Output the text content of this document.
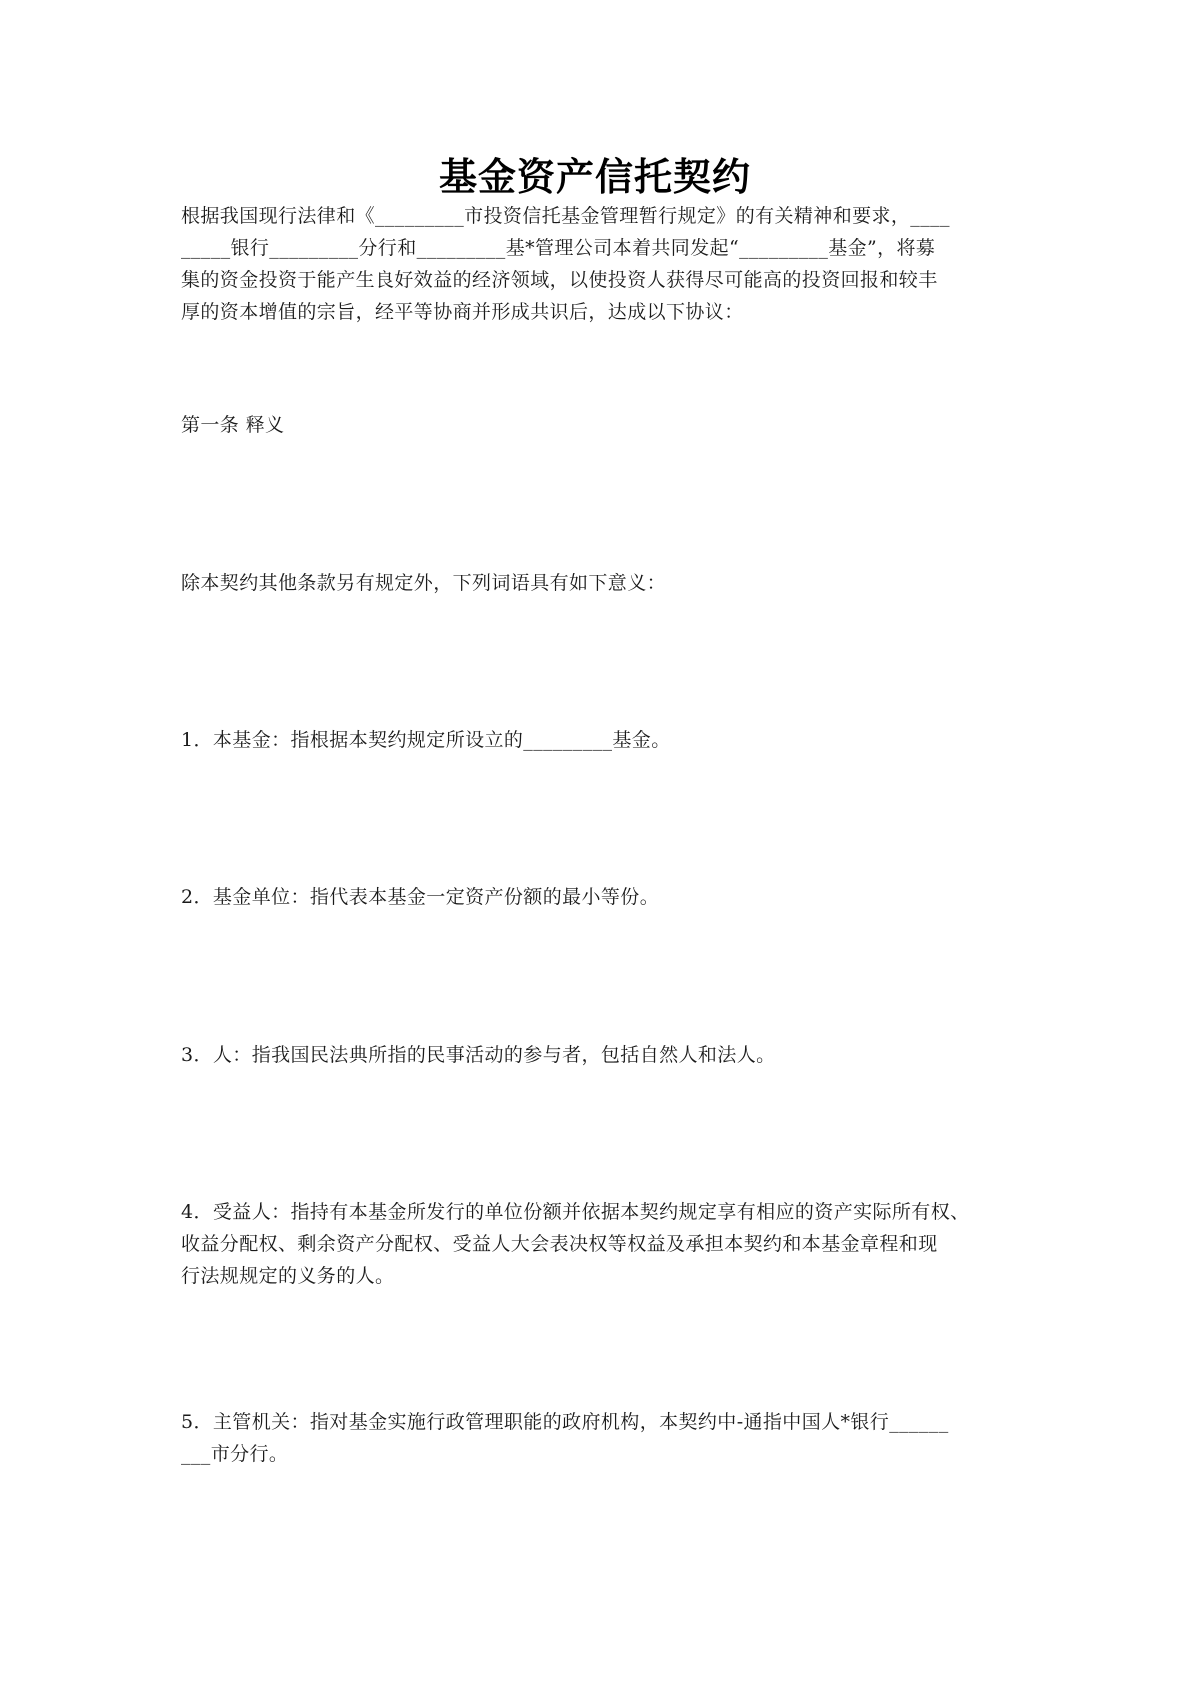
基金资产信托契约
根据我国现行法律和《_________市投资信托基金管理暂行规定》的有关精神和要求，____
_____银行_________分行和_________基*管理公司本着共同发起“_________基金”，将募
集的资金投资于能产生良好效益的经济领域，以使投资人获得尽可能高的投资回报和较丰
厚的资本增值的宗旨，经平等协商并形成共识后，达成以下协议：
第一条 释义
除本契约其他条款另有规定外，下列词语具有如下意义：
1．本基金：指根据本契约规定所设立的_________基金。
2．基金单位：指代表本基金一定资产份额的最小等份。
3．人：指我国民法典所指的民事活动的参与者，包括自然人和法人。
4．受益人：指持有本基金所发行的单位份额并依据本契约规定享有相应的资产实际所有权、
收益分配权、剩余资产分配权、受益人大会表决权等权益及承担本契约和本基金章程和现
行法规规定的义务的人。
5．主管机关：指对基金实施行政管理职能的政府机构，本契约中-通指中国人*银行______
___市分行。
